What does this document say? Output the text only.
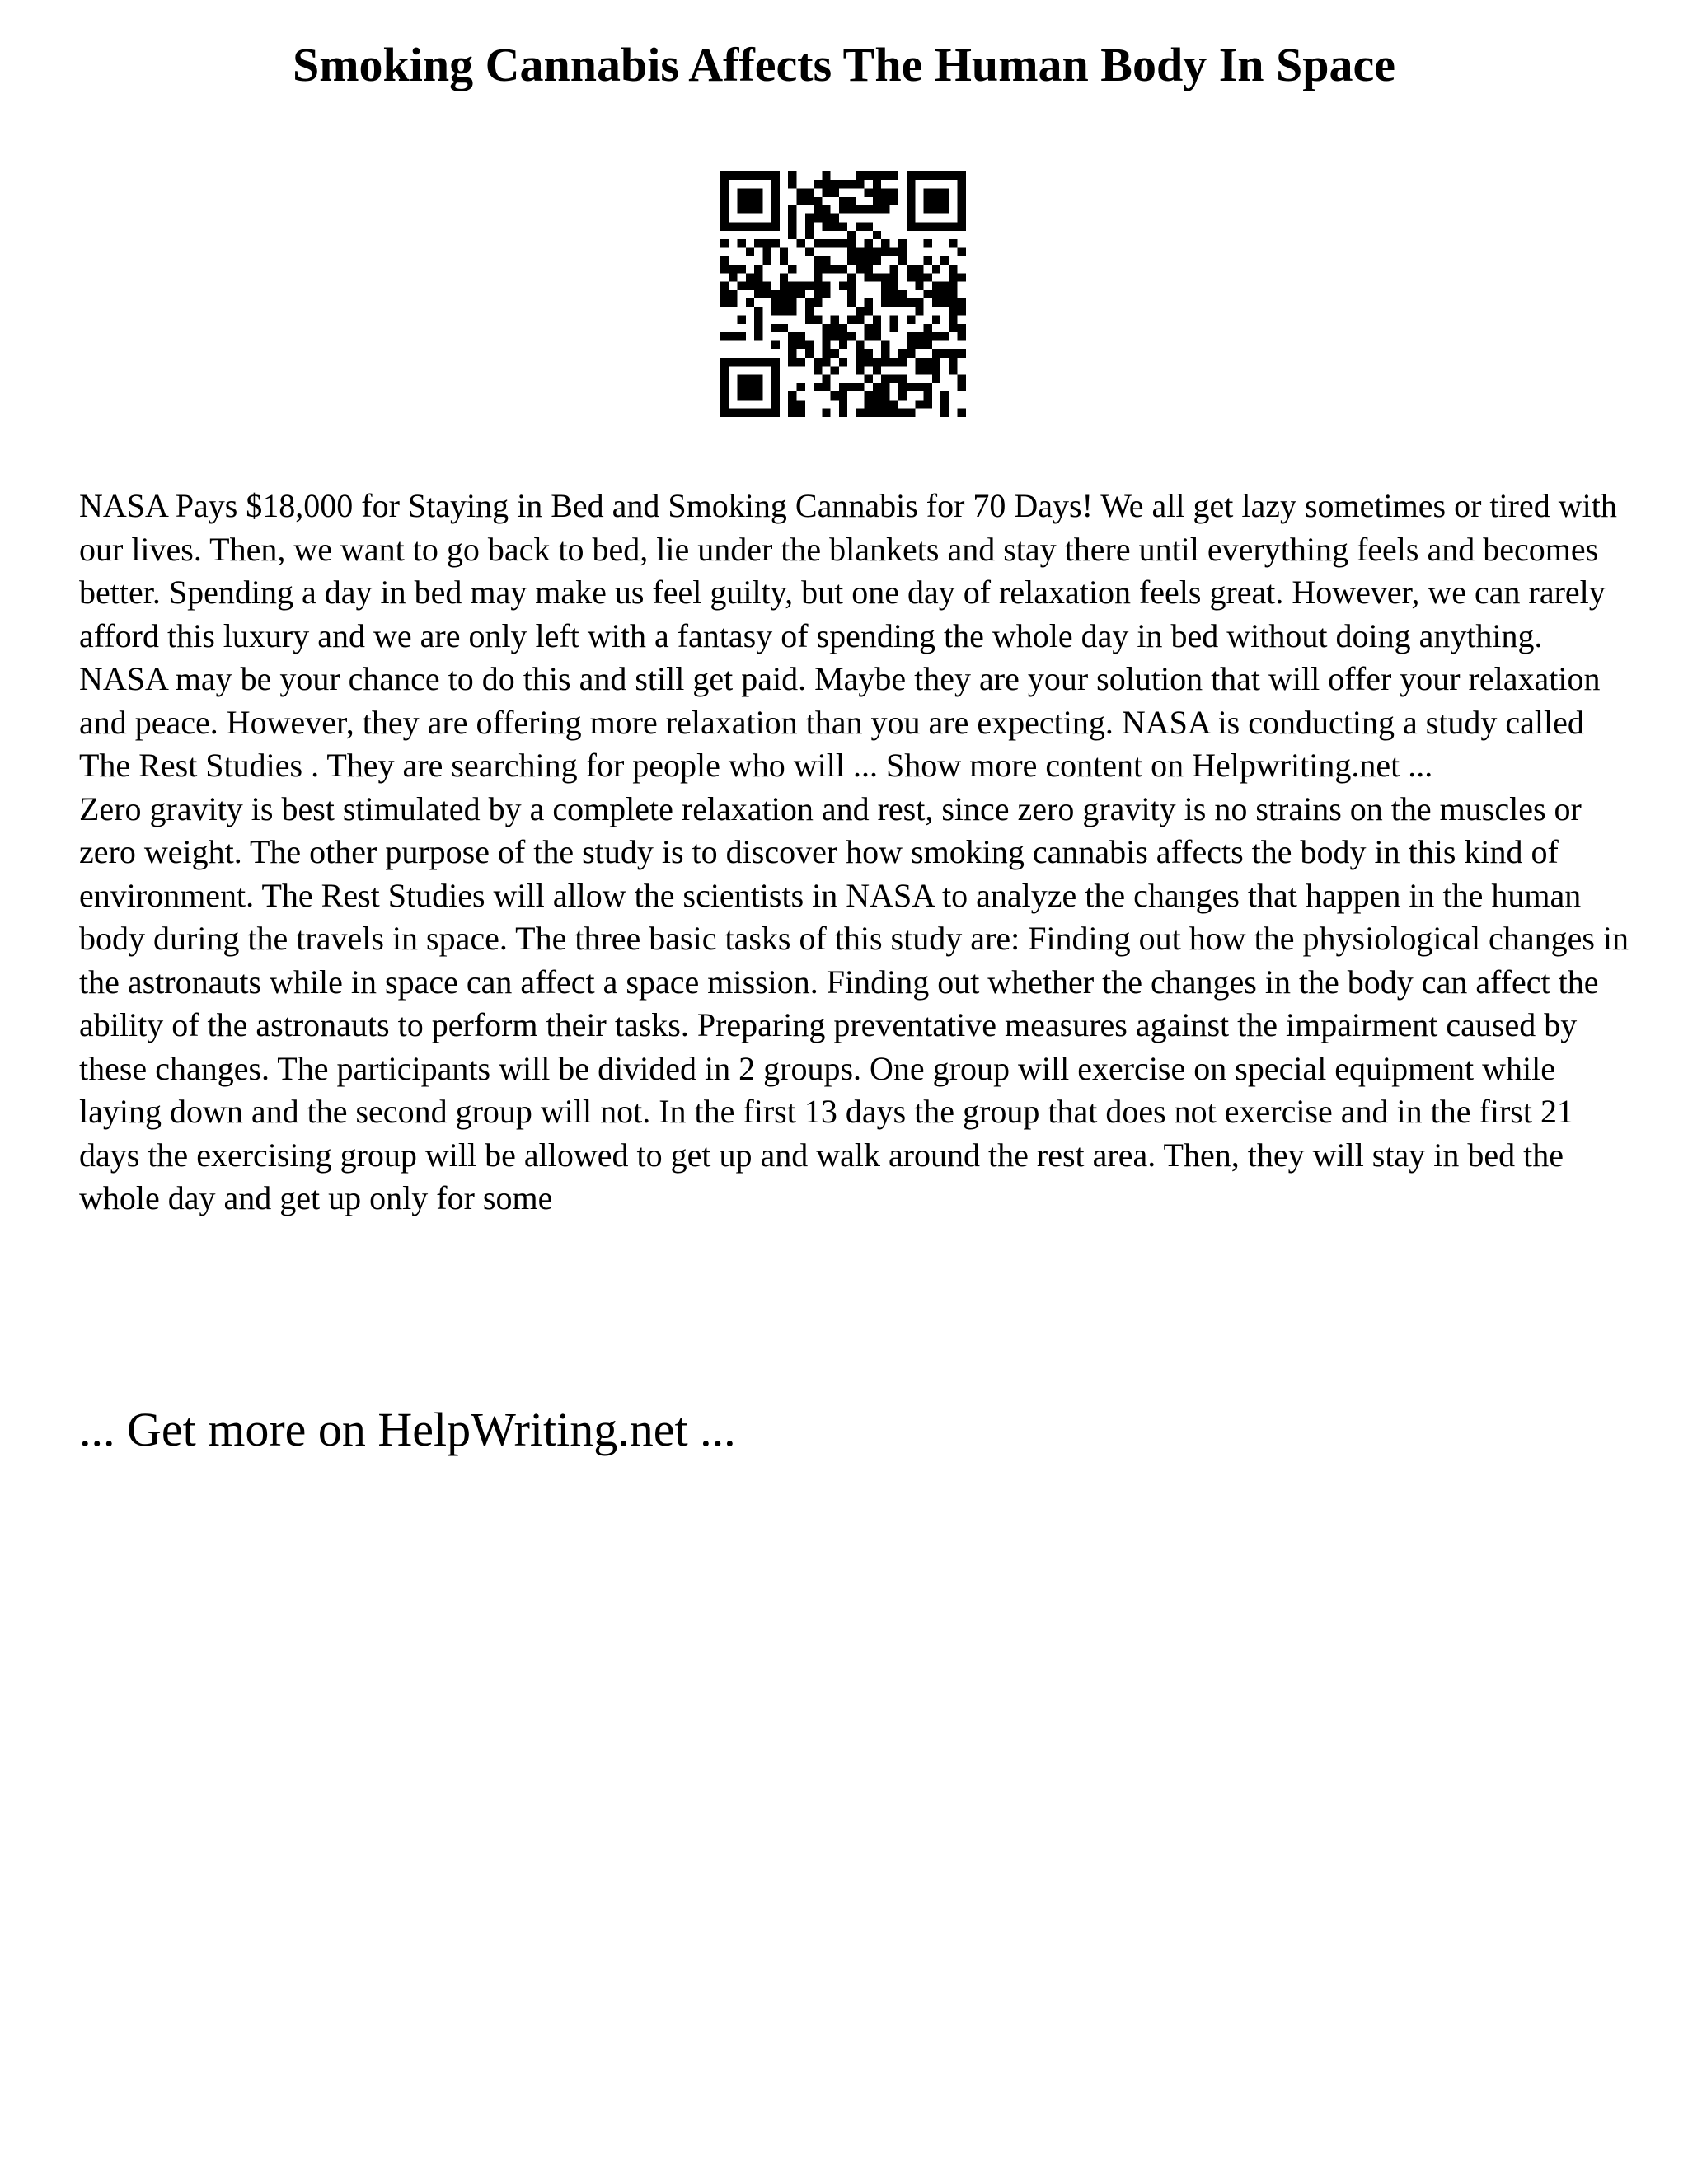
Smoking Cannabis Affects The Human Body In Space

NASA Pays $18,000 for Staying in Bed and Smoking Cannabis for 70 Days! We all get lazy sometimes or tired with our lives. Then, we want to go back to bed, lie under the blankets and stay there until everything feels and becomes better. Spending a day in bed may make us feel guilty, but one day of relaxation feels great. However, we can rarely afford this luxury and we are only left with a fantasy of spending the whole day in bed without doing anything. NASA may be your chance to do this and still get paid. Maybe they are your solution that will offer your relaxation and peace. However, they are offering more relaxation than you are expecting. NASA is conducting a study called The Rest Studies . They are searching for people who will ... Show more content on Helpwriting.net ...

Zero gravity is best stimulated by a complete relaxation and rest, since zero gravity is no strains on the muscles or zero weight. The other purpose of the study is to discover how smoking cannabis affects the body in this kind of environment. The Rest Studies will allow the scientists in NASA to analyze the changes that happen in the human body during the travels in space. The three basic tasks of this study are: Finding out how the physiological changes in the astronauts while in space can affect a space mission. Finding out whether the changes in the body can affect the ability of the astronauts to perform their tasks. Preparing preventative measures against the impairment caused by these changes. The participants will be divided in 2 groups. One group will exercise on special equipment while laying down and the second group will not. In the first 13 days the group that does not exercise and in the first 21 days the exercising group will be allowed to get up and walk around the rest area. Then, they will stay in bed the whole day and get up only for some

... Get more on HelpWriting.net ...
